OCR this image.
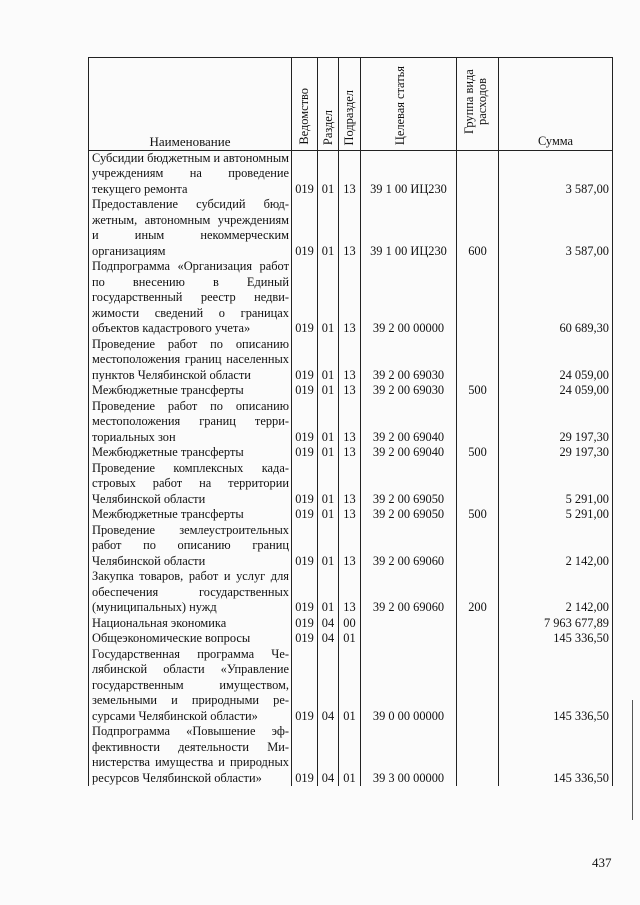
Наименование	Ведомство	Раздел	Подраздел	Целевая статья	Группа вида расходов	Сумма
Субсидии бюджетным и автономным учреждениям на проведение текущего ремонта	019	01	13	39 1 00 ИЦ230		3 587,00
Предоставление субсидий бюджетным, автономным учреждениям и иным некоммерческим организациям	019	01	13	39 1 00 ИЦ230	600	3 587,00
Подпрограмма «Организация работ по внесению в Единый государственный реестр недвижимости сведений о границах объектов кадастрового учета»	019	01	13	39 2 00 00000		60 689,30
Проведение работ по описанию местоположения границ населенных пунктов Челябинской области	019	01	13	39 2 00 69030		24 059,00
Межбюджетные трансферты	019	01	13	39 2 00 69030	500	24 059,00
Проведение работ по описанию местоположения границ территориальных зон	019	01	13	39 2 00 69040		29 197,30
Межбюджетные трансферты	019	01	13	39 2 00 69040	500	29 197,30
Проведение комплексных кадастровых работ на территории Челябинской области	019	01	13	39 2 00 69050		5 291,00
Межбюджетные трансферты	019	01	13	39 2 00 69050	500	5 291,00
Проведение землеустроительных работ по описанию границ Челябинской области	019	01	13	39 2 00 69060		2 142,00
Закупка товаров, работ и услуг для обеспечения государственных (муниципальных) нужд	019	01	13	39 2 00 69060	200	2 142,00
Национальная экономика	019	04	00			7 963 677,89
Общеэкономические вопросы	019	04	01			145 336,50
Государственная программа Челябинской области «Управление государственным имуществом, земельными и природными ресурсами Челябинской области»	019	04	01	39 0 00 00000		145 336,50
Подпрограмма «Повышение эффективности деятельности Министерства имущества и природных ресурсов Челябинской области»	019	04	01	39 3 00 00000		145 336,50
437
